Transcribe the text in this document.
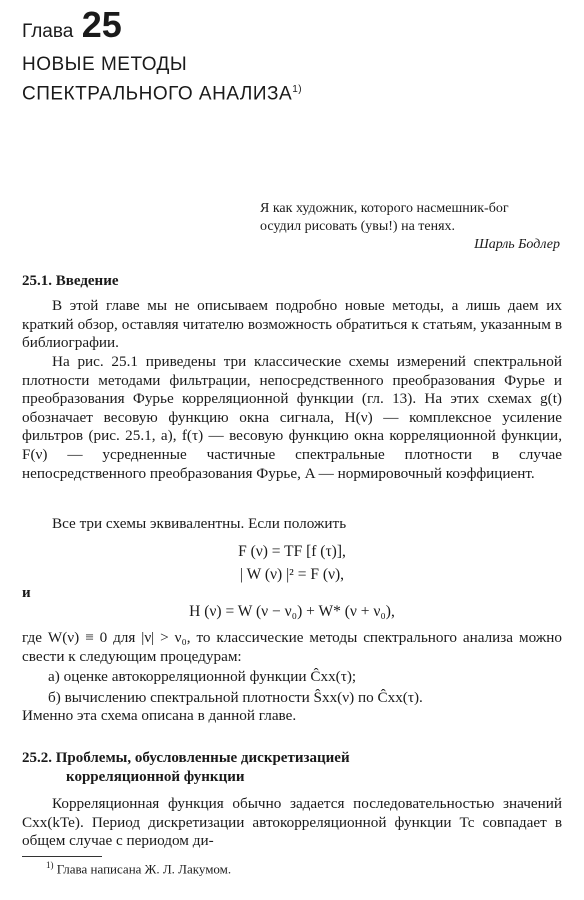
Глава 25
НОВЫЕ МЕТОДЫ
СПЕКТРАЛЬНОГО АНАЛИЗА$^{1)}$
Я как художник, которого насмешник-бог
осудил рисовать (увы!) на тенях.
Шарль Бодлер
25.1. Введение
В этой главе мы не описываем подробно новые методы, а лишь даем их краткий обзор, оставляя читателю возможность обратиться к статьям, указанным в библиографии.
На рис. 25.1 приведены три классические схемы измерений спектральной плотности методами фильтрации, непосредственного преобразования Фурье и преобразования Фурье корреляционной функции (гл. 13). На этих схемах g(t) обозначает весовую функцию окна сигнала, H(ν) — комплексное усиление фильтров (рис. 25.1, a), f(τ) — весовую функцию окна корреляционной функции, F(ν) — усредненные частичные спектральные плотности в случае непосредственного преобразования Фурье, A — нормировочный коэффициент.
Все три схемы эквивалентны. Если положить
F (ν) = TF [f (τ)],
| W (ν) |² = F (ν),
и
H (ν) = W (ν − ν₀) + W* (ν + ν₀),
где W(ν) ≡ 0 для |ν| > ν₀, то классические методы спектрального анализа можно свести к следующим процедурам:
а) оценке автокорреляционной функции Ĉxx(τ);
б) вычислению спектральной плотности Ŝxx(ν) по Ĉxx(τ).
Именно эта схема описана в данной главе.
25.2. Проблемы, обусловленные дискретизацией
корреляционной функции
Корреляционная функция обычно задается последовательностью значений Cxx(kTe). Период дискретизации автокорреляционной функции Tc совпадает в общем случае с периодом ди-
$^{1)}$ Глава написана Ж. Л. Лакумом.
